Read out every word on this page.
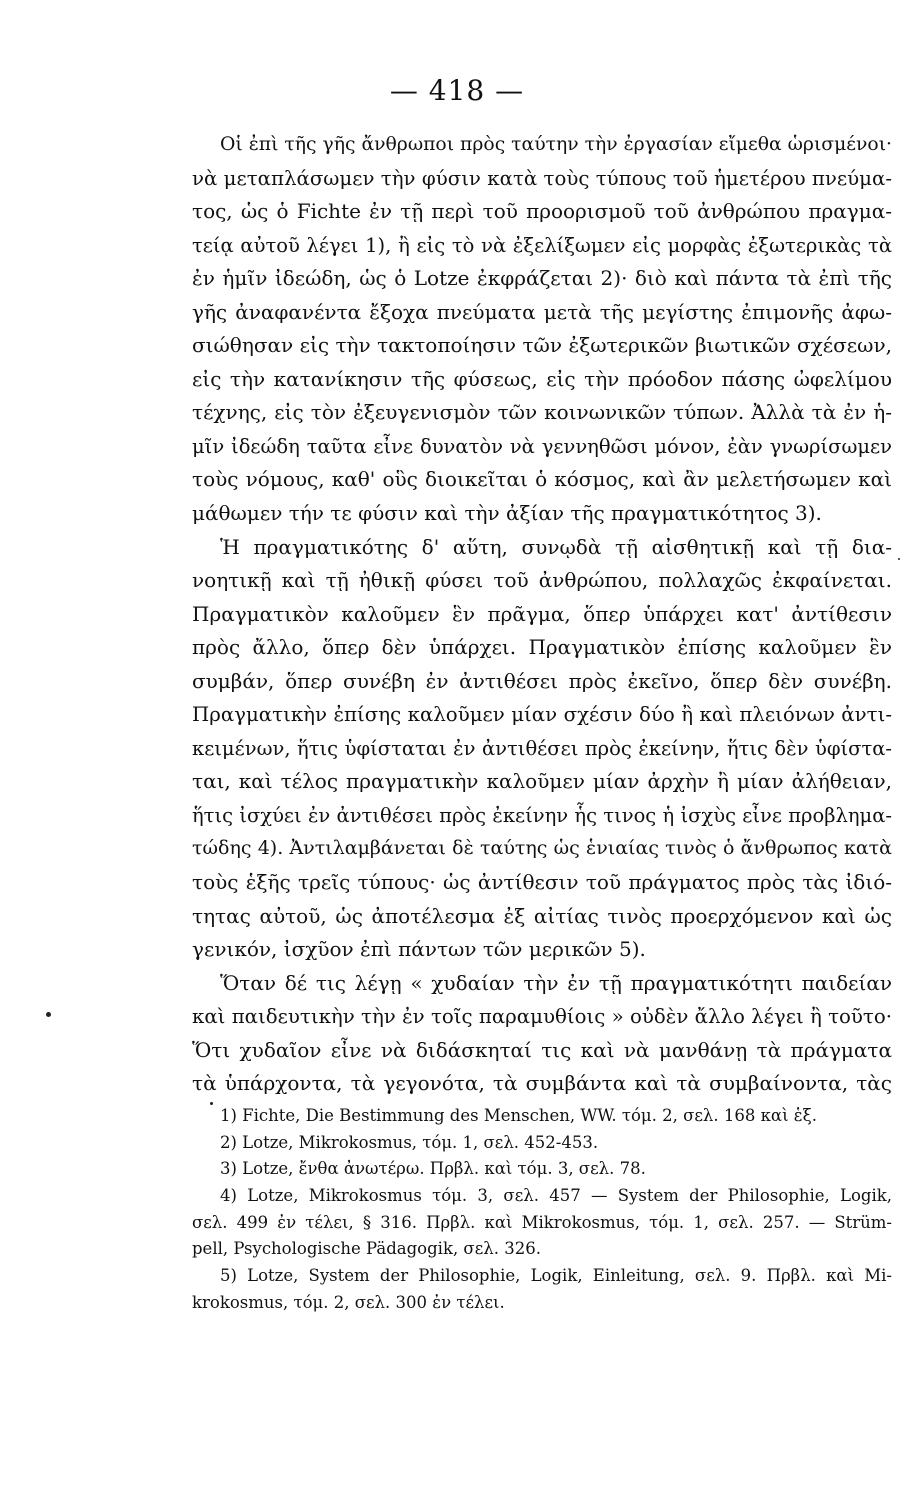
— 418 —
Οἱ ἐπὶ τῆς γῆς ἄνθρωποι πρὸς ταύτην τὴν ἐργασίαν εἴμεθα ὡρισμένοι·
νὰ μεταπλάσωμεν τὴν φύσιν κατὰ τοὺς τύπους τοῦ ἡμετέρου πνεύμα-
τος, ὡς ὁ Fichte ἐν τῇ περὶ τοῦ προορισμοῦ τοῦ ἀνθρώπου πραγμα-
τείᾳ αὐτοῦ λέγει 1), ἢ εἰς τὸ νὰ ἐξελίξωμεν εἰς μορφὰς ἐξωτερικὰς τὰ
ἐν ἡμῖν ἰδεώδη, ὡς ὁ Lotze ἐκφράζεται 2)· διὸ καὶ πάντα τὰ ἐπὶ τῆς
γῆς ἀναφανέντα ἔξοχα πνεύματα μετὰ τῆς μεγίστης ἐπιμονῆς ἀφω-
σιώθησαν εἰς τὴν τακτοποίησιν τῶν ἐξωτερικῶν βιωτικῶν σχέσεων,
εἰς τὴν κατανίκησιν τῆς φύσεως, εἰς τὴν πρόοδον πάσης ὠφελίμου
τέχνης, εἰς τὸν ἐξευγενισμὸν τῶν κοινωνικῶν τύπων. Ἀλλὰ τὰ ἐν ἡ-
μῖν ἰδεώδη ταῦτα εἶνε δυνατὸν νὰ γεννηθῶσι μόνον, ἐὰν γνωρίσωμεν
τοὺς νόμους, καθ' οὓς διοικεῖται ὁ κόσμος, καὶ ἂν μελετήσωμεν καὶ
μάθωμεν τήν τε φύσιν καὶ τὴν ἀξίαν τῆς πραγματικότητος 3).
Ἡ πραγματικότης δ' αὕτη, συνῳδὰ τῇ αἰσθητικῇ καὶ τῇ δια-
νοητικῇ καὶ τῇ ἠθικῇ φύσει τοῦ ἀνθρώπου, πολλαχῶς ἐκφαίνεται.
Πραγματικὸν καλοῦμεν ἓν πρᾶγμα, ὅπερ ὑπάρχει κατ' ἀντίθεσιν
πρὸς ἄλλο, ὅπερ δὲν ὑπάρχει. Πραγματικὸν ἐπίσης καλοῦμεν ἓν
συμβάν, ὅπερ συνέβη ἐν ἀντιθέσει πρὸς ἐκεῖνο, ὅπερ δὲν συνέβη.
Πραγματικὴν ἐπίσης καλοῦμεν μίαν σχέσιν δύο ἢ καὶ πλειόνων ἀντι-
κειμένων, ἥτις ὑφίσταται ἐν ἀντιθέσει πρὸς ἐκείνην, ἥτις δὲν ὑφίστα-
ται, καὶ τέλος πραγματικὴν καλοῦμεν μίαν ἀρχὴν ἢ μίαν ἀλήθειαν,
ἥτις ἰσχύει ἐν ἀντιθέσει πρὸς ἐκείνην ἧς τινος ἡ ἰσχὺς εἶνε προβλημα-
τώδης 4). Ἀντιλαμβάνεται δὲ ταύτης ὡς ἑνιαίας τινὸς ὁ ἄνθρωπος κατὰ
τοὺς ἑξῆς τρεῖς τύπους· ὡς ἀντίθεσιν τοῦ πράγματος πρὸς τὰς ἰδιό-
τητας αὐτοῦ, ὡς ἀποτέλεσμα ἐξ αἰτίας τινὸς προερχόμενον καὶ ὡς
γενικόν, ἰσχῦον ἐπὶ πάντων τῶν μερικῶν 5).
Ὅταν δέ τις λέγῃ « χυδαίαν τὴν ἐν τῇ πραγματικότητι παιδείαν
καὶ παιδευτικὴν τὴν ἐν τοῖς παραμυθίοις » οὐδὲν ἄλλο λέγει ἢ τοῦτο·
Ὅτι χυδαῖον εἶνε νὰ διδάσκηταί τις καὶ νὰ μανθάνῃ τὰ πράγματα
τὰ ὑπάρχοντα, τὰ γεγονότα, τὰ συμβάντα καὶ τὰ συμβαίνοντα, τὰς
1) Fichte, Die Bestimmung des Menschen, WW. τόμ. 2, σελ. 168 καὶ ἑξ.
2) Lotze, Mikrokosmus, τόμ. 1, σελ. 452-453.
3) Lotze, ἔνθα ἀνωτέρω. Πρβλ. καὶ τόμ. 3, σελ. 78.
4) Lotze, Mikrokosmus τόμ. 3, σελ. 457 — System der Philosophie, Logik,
σελ. 499 ἐν τέλει, § 316. Πρβλ. καὶ Mikrokosmus, τόμ. 1, σελ. 257. — Strüm-
pell, Psychologische Pädagogik, σελ. 326.
5) Lotze, System der Philosophie, Logik, Einleitung, σελ. 9. Πρβλ. καὶ Mi-
krokosmus, τόμ. 2, σελ. 300 ἐν τέλει.
